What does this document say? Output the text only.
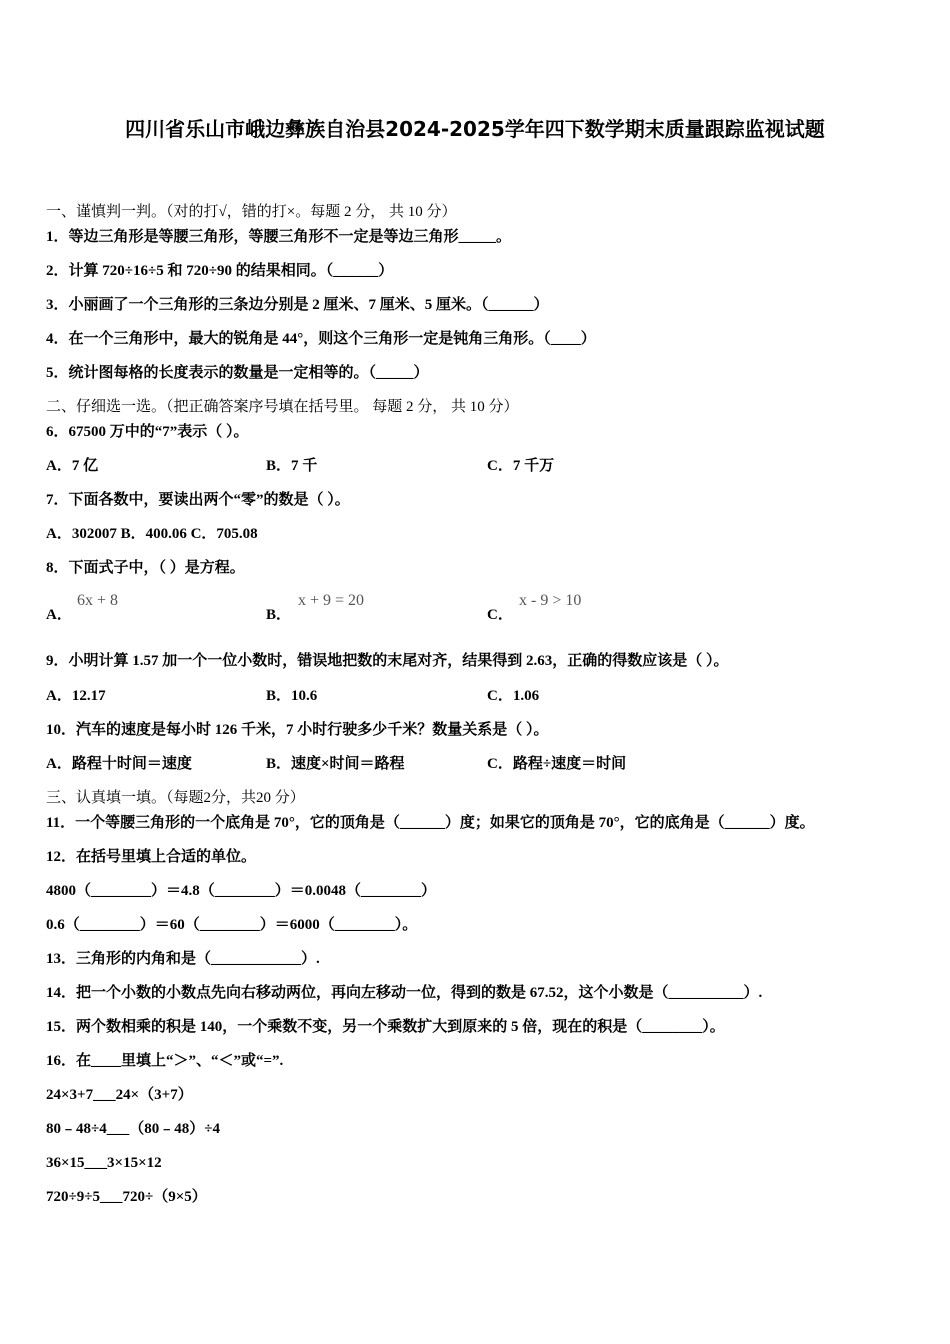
四川省乐山市峨边彝族自治县2024-2025学年四下数学期末质量跟踪监视试题
一、谨慎判一判。（对的打√，错的打×。每题 2 分， 共 10 分）
1．等边三角形是等腰三角形，等腰三角形不一定是等边三角形_____。
2．计算 720÷16÷5 和 720÷90 的结果相同。（______）
3．小丽画了一个三角形的三条边分别是 2 厘米、7 厘米、5 厘米。（______）
4．在一个三角形中，最大的锐角是 44°，则这个三角形一定是钝角三角形。（____）
5．统计图每格的长度表示的数量是一定相等的。（_____）
二、仔细选一选。（把正确答案序号填在括号里。 每题 2 分， 共 10 分）
6．67500 万中的“7”表示（ ）。
A．7 亿	B．7 千	C．7 千万
7．下面各数中，要读出两个“零”的数是（ ）。
A．302007 B．400.06 C．705.08
8．下面式子中，（ ）是方程。
A．
6x + 8
B．
x + 9 = 20
C．
x - 9 > 10
9．小明计算 1.57 加一个一位小数时，错误地把数的末尾对齐，结果得到 2.63，正确的得数应该是（ ）。
A．12.17	B．10.6	C．1.06
10．汽车的速度是每小时 126 千米，7 小时行驶多少千米？数量关系是（ ）。
A．路程十时间＝速度	B．速度×时间＝路程	C．路程÷速度＝时间
三、认真填一填。（每题2分，共20 分）
11．一个等腰三角形的一个底角是 70°，它的顶角是（______）度；如果它的顶角是 70°，它的底角是（______）度。
12．在括号里填上合适的单位。
4800（________）＝4.8（________）＝0.0048（________）
0.6（________）＝60（________）＝6000（________）。
13．三角形的内角和是（____________）.
14．把一个小数的小数点先向右移动两位，再向左移动一位，得到的数是 67.52，这个小数是（__________）.
15．两个数相乘的积是 140，一个乘数不变，另一个乘数扩大到原来的 5 倍，现在的积是（________）。
16．在____里填上“＞”、“＜”或“=”.
24×3+7___24×（3+7）
80﹣48÷4___（80﹣48）÷4
36×15___3×15×12
720÷9÷5___720÷（9×5）
